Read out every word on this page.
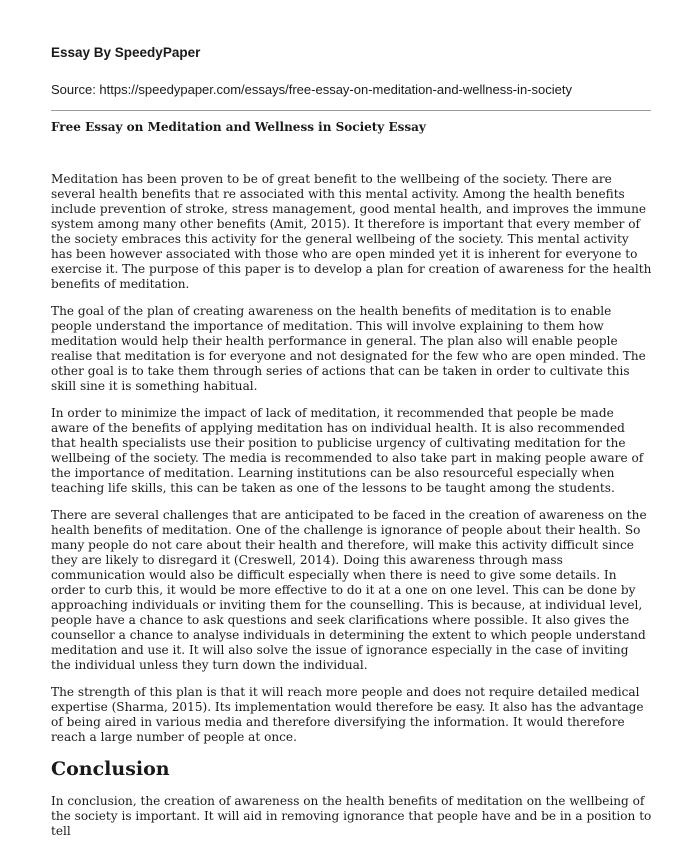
Essay By SpeedyPaper
Source: https://speedypaper.com/essays/free-essay-on-meditation-and-wellness-in-society
Free Essay on Meditation and Wellness in Society Essay

Meditation has been proven to be of great benefit to the wellbeing of the society. There are several health benefits that re associated with this mental activity. Among the health benefits include prevention of stroke, stress management, good mental health, and improves the immune system among many other benefits (Amit, 2015). It therefore is important that every member of the society embraces this activity for the general wellbeing of the society. This mental activity has been however associated with those who are open minded yet it is inherent for everyone to exercise it. The purpose of this paper is to develop a plan for creation of awareness for the health benefits of meditation.

The goal of the plan of creating awareness on the health benefits of meditation is to enable people understand the importance of meditation. This will involve explaining to them how meditation would help their health performance in general. The plan also will enable people realise that meditation is for everyone and not designated for the few who are open minded. The other goal is to take them through series of actions that can be taken in order to cultivate this skill sine it is something habitual.

In order to minimize the impact of lack of meditation, it recommended that people be made aware of the benefits of applying meditation has on individual health. It is also recommended that health specialists use their position to publicise urgency of cultivating meditation for the wellbeing of the society. The media is recommended to also take part in making people aware of the importance of meditation. Learning institutions can be also resourceful especially when teaching life skills, this can be taken as one of the lessons to be taught among the students.

There are several challenges that are anticipated to be faced in the creation of awareness on the health benefits of meditation. One of the challenge is ignorance of people about their health. So many people do not care about their health and therefore, will make this activity difficult since they are likely to disregard it (Creswell, 2014). Doing this awareness through mass communication would also be difficult especially when there is need to give some details. In order to curb this, it would be more effective to do it at a one on one level. This can be done by approaching individuals or inviting them for the counselling. This is because, at individual level, people have a chance to ask questions and seek clarifications where possible. It also gives the counsellor a chance to analyse individuals in determining the extent to which people understand meditation and use it. It will also solve the issue of ignorance especially in the case of inviting the individual unless they turn down the individual.

The strength of this plan is that it will reach more people and does not require detailed medical expertise (Sharma, 2015). Its implementation would therefore be easy. It also has the advantage of being aired in various media and therefore diversifying the information. It would therefore reach a large number of people at once.

Conclusion

In conclusion, the creation of awareness on the health benefits of meditation on the wellbeing of the society is important. It will aid in removing ignorance that people have and be in a position to tell
